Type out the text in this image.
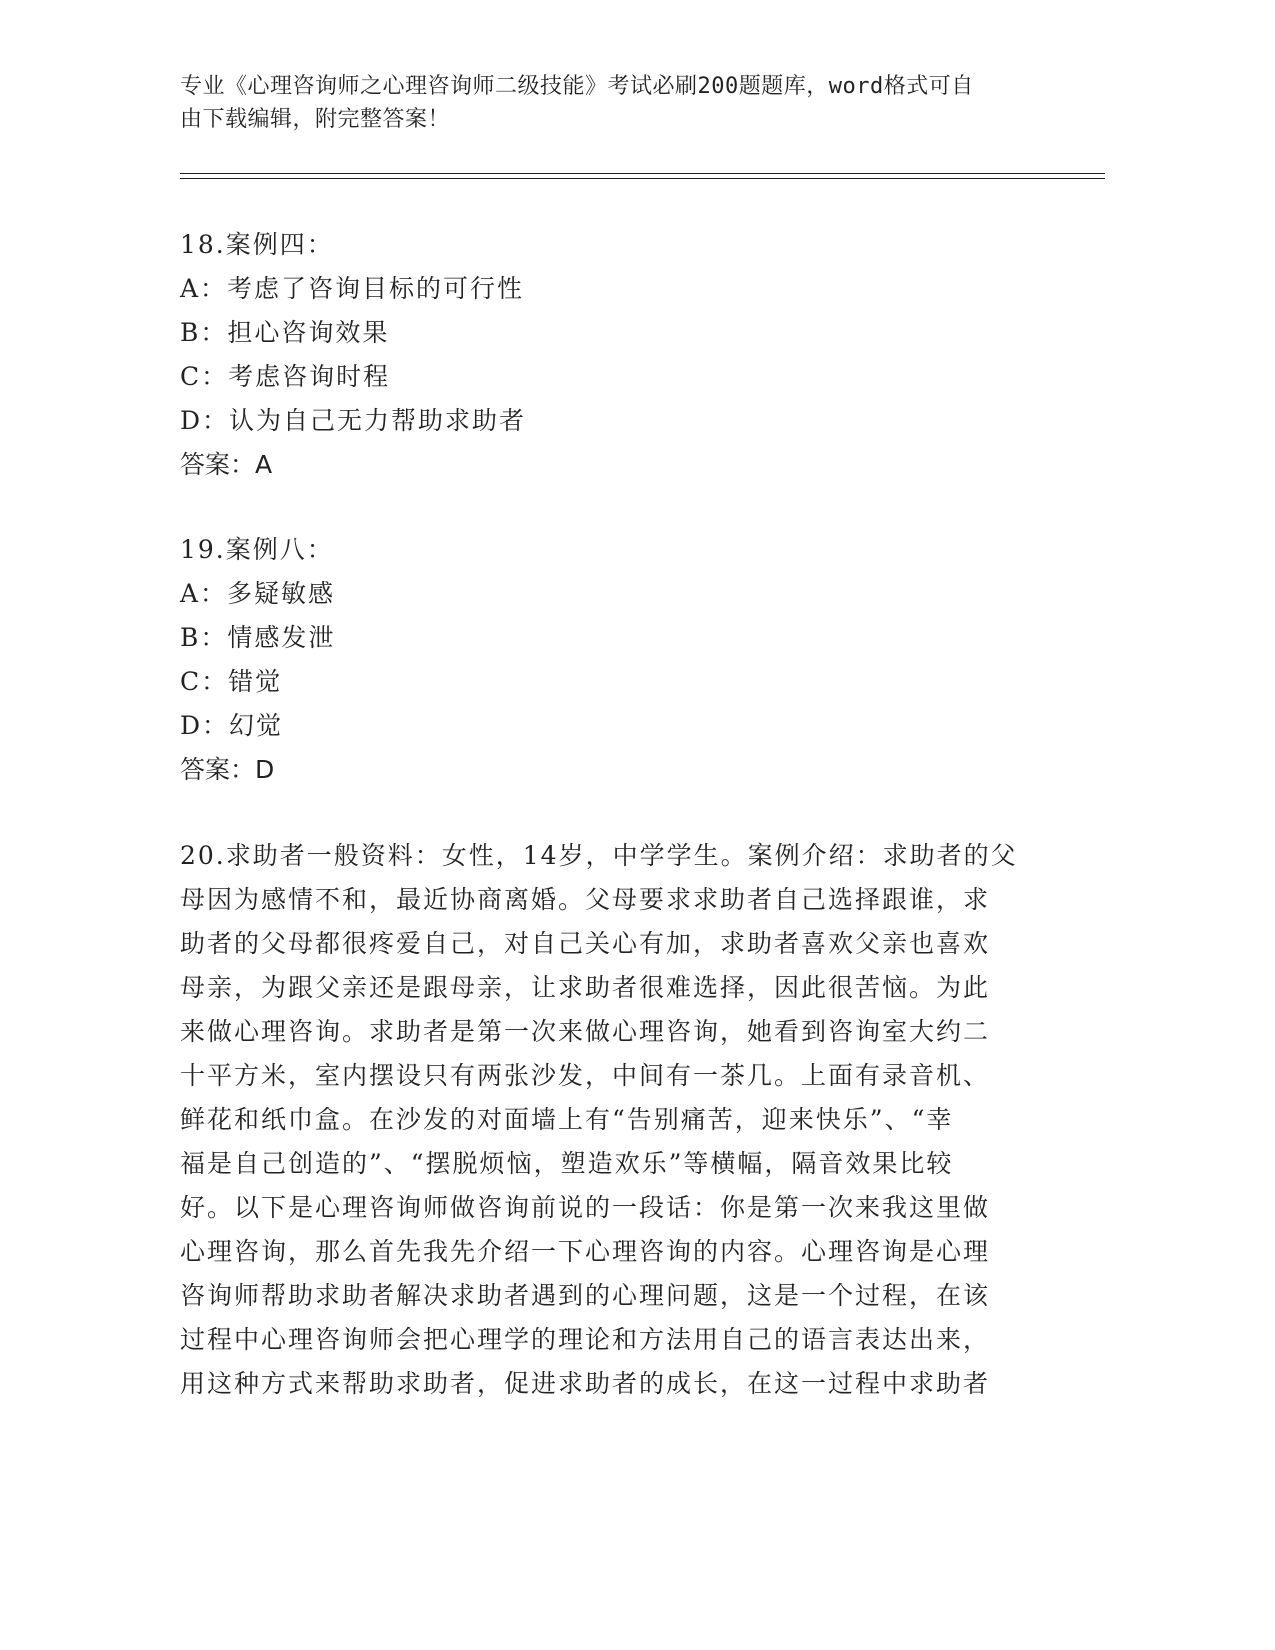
专业《心理咨询师之心理咨询师二级技能》考试必刷200题题库，word格式可自
由下载编辑，附完整答案！
18.案例四：
A：考虑了咨询目标的可行性
B：担心咨询效果
C：考虑咨询时程
D：认为自己无力帮助求助者
答案：A
19.案例八：
A：多疑敏感
B：情感发泄
C：错觉
D：幻觉
答案：D
20.求助者一般资料：女性，14岁，中学学生。案例介绍：求助者的父
母因为感情不和，最近协商离婚。父母要求求助者自己选择跟谁，求
助者的父母都很疼爱自己，对自己关心有加，求助者喜欢父亲也喜欢
母亲，为跟父亲还是跟母亲，让求助者很难选择，因此很苦恼。为此
来做心理咨询。求助者是第一次来做心理咨询，她看到咨询室大约二
十平方米，室内摆设只有两张沙发，中间有一茶几。上面有录音机、
鲜花和纸巾盒。在沙发的对面墙上有“告别痛苦，迎来快乐”、“幸
福是自己创造的”、“摆脱烦恼，塑造欢乐”等横幅，隔音效果比较
好。以下是心理咨询师做咨询前说的一段话：你是第一次来我这里做
心理咨询，那么首先我先介绍一下心理咨询的内容。心理咨询是心理
咨询师帮助求助者解决求助者遇到的心理问题，这是一个过程，在该
过程中心理咨询师会把心理学的理论和方法用自己的语言表达出来，
用这种方式来帮助求助者，促进求助者的成长，在这一过程中求助者
